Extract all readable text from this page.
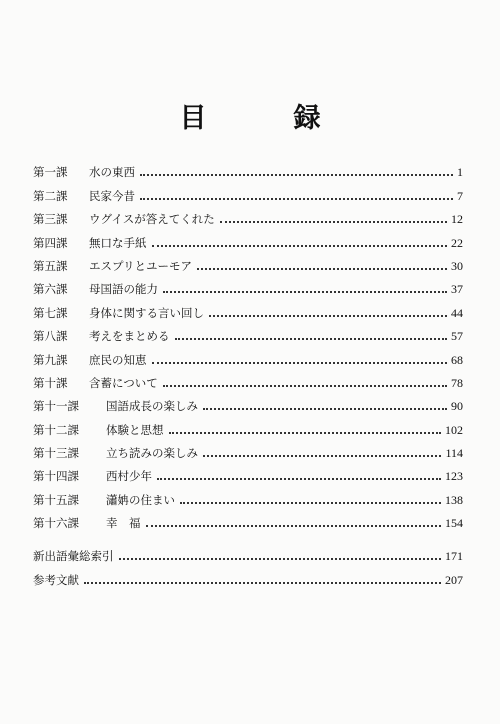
目　録
第一課	水の東西	1
第二課	民家今昔	7
第三課	ウグイスが答えてくれた	12
第四課	無口な手紙	22
第五課	エスプリとユーモア	30
第六課	母国語の能力	37
第七課	身体に関する言い回し	44
第八課	考えをまとめる	57
第九課	庶民の知恵	68
第十課	含蓄について	78
第十一課	国語成長の楽しみ	90
第十二課	体験と思想	102
第十三課	立ち読みの楽しみ	114
第十四課	西村少年	123
第十五課	瀟姌の住まい	138
第十六課	幸　福	154
新出語彙総索引	171
参考文献	207
